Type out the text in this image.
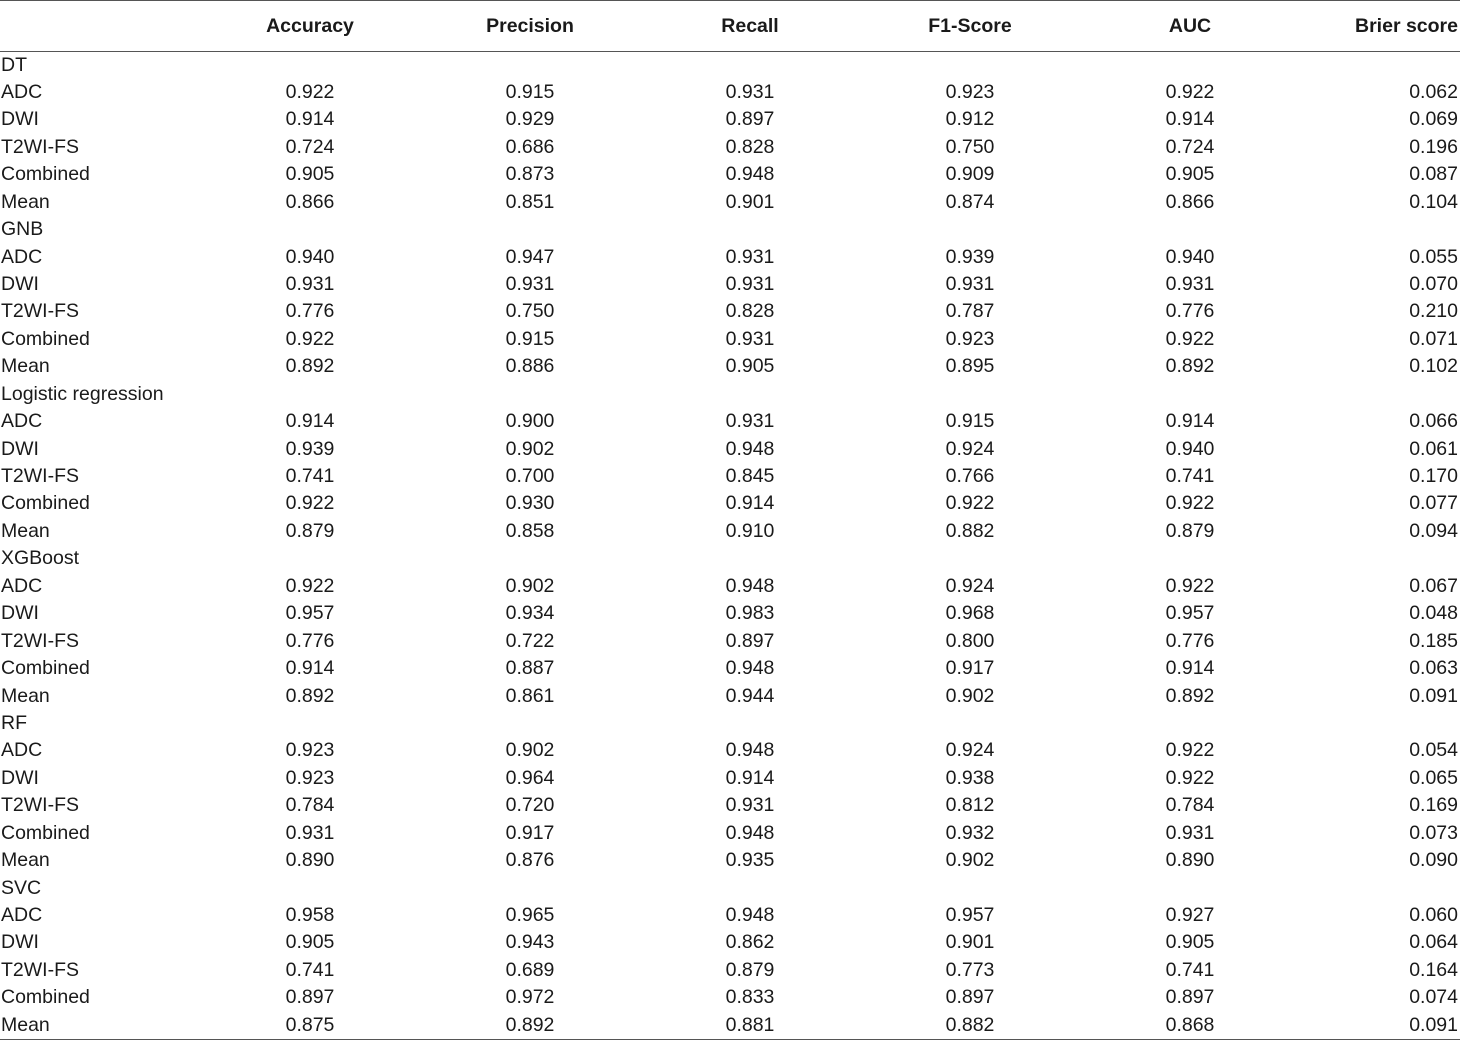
	Accuracy	Precision	Recall	F1-Score	AUC	Brier score
DT						
ADC	0.922	0.915	0.931	0.923	0.922	0.062
DWI	0.914	0.929	0.897	0.912	0.914	0.069
T2WI-FS	0.724	0.686	0.828	0.750	0.724	0.196
Combined	0.905	0.873	0.948	0.909	0.905	0.087
Mean	0.866	0.851	0.901	0.874	0.866	0.104
GNB						
ADC	0.940	0.947	0.931	0.939	0.940	0.055
DWI	0.931	0.931	0.931	0.931	0.931	0.070
T2WI-FS	0.776	0.750	0.828	0.787	0.776	0.210
Combined	0.922	0.915	0.931	0.923	0.922	0.071
Mean	0.892	0.886	0.905	0.895	0.892	0.102
Logistic regression						
ADC	0.914	0.900	0.931	0.915	0.914	0.066
DWI	0.939	0.902	0.948	0.924	0.940	0.061
T2WI-FS	0.741	0.700	0.845	0.766	0.741	0.170
Combined	0.922	0.930	0.914	0.922	0.922	0.077
Mean	0.879	0.858	0.910	0.882	0.879	0.094
XGBoost						
ADC	0.922	0.902	0.948	0.924	0.922	0.067
DWI	0.957	0.934	0.983	0.968	0.957	0.048
T2WI-FS	0.776	0.722	0.897	0.800	0.776	0.185
Combined	0.914	0.887	0.948	0.917	0.914	0.063
Mean	0.892	0.861	0.944	0.902	0.892	0.091
RF						
ADC	0.923	0.902	0.948	0.924	0.922	0.054
DWI	0.923	0.964	0.914	0.938	0.922	0.065
T2WI-FS	0.784	0.720	0.931	0.812	0.784	0.169
Combined	0.931	0.917	0.948	0.932	0.931	0.073
Mean	0.890	0.876	0.935	0.902	0.890	0.090
SVC						
ADC	0.958	0.965	0.948	0.957	0.927	0.060
DWI	0.905	0.943	0.862	0.901	0.905	0.064
T2WI-FS	0.741	0.689	0.879	0.773	0.741	0.164
Combined	0.897	0.972	0.833	0.897	0.897	0.074
Mean	0.875	0.892	0.881	0.882	0.868	0.091
